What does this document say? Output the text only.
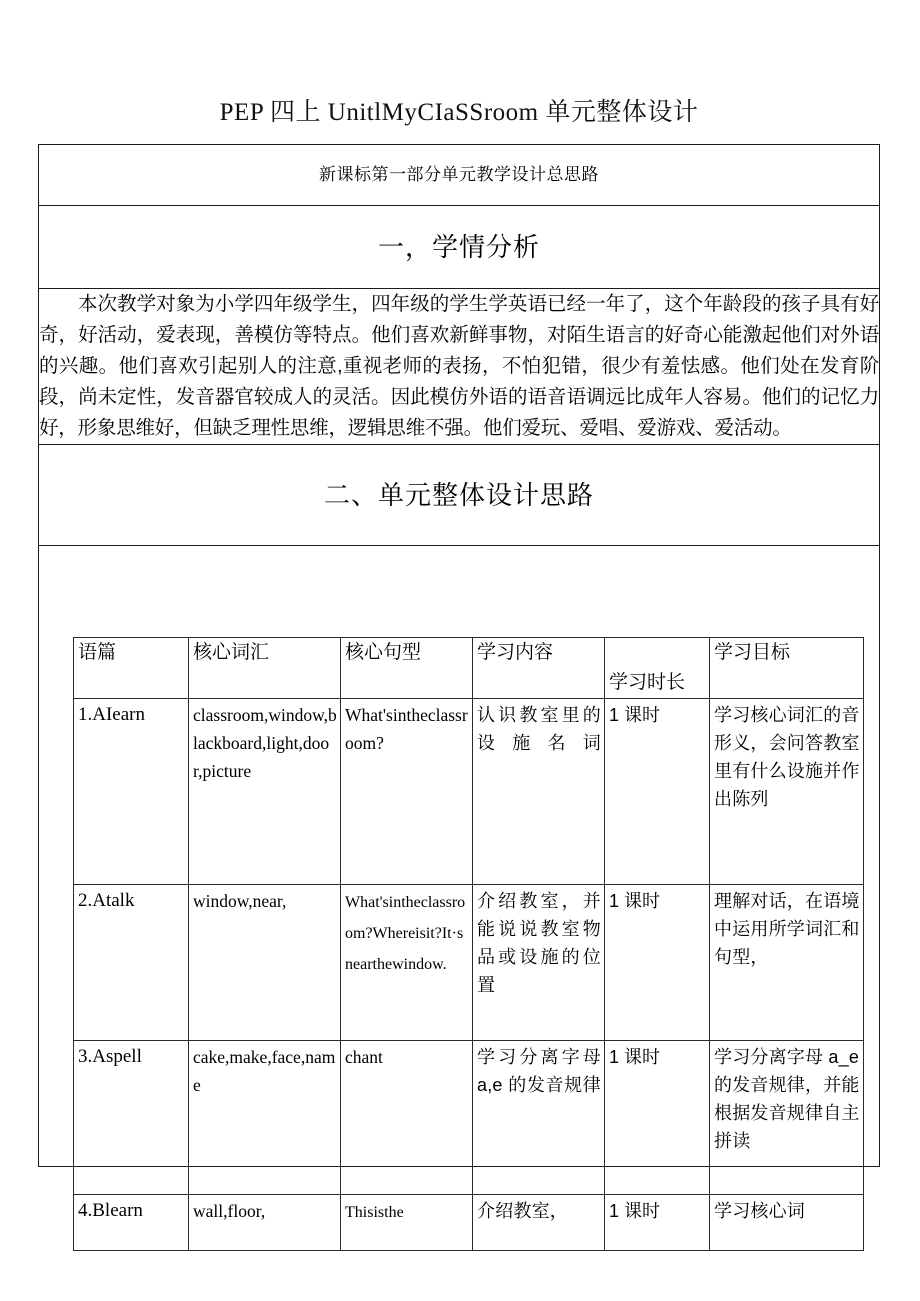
PEP 四上 UnitlMyCIaSSroom 单元整体设计
新课标第一部分单元教学设计总思路
一，学情分析

本次教学对象为小学四年级学生，四年级的学生学英语已经一年了，这个年龄段的孩子具有好奇，好活动，爱表现，善模仿等特点。他们喜欢新鲜事物，对陌生语言的好奇心能激起他们对外语的兴趣。他们喜欢引起别人的注意,重视老师的表扬，不怕犯错，很少有羞怯感。他们处在发育阶段，尚未定性，发音器官较成人的灵活。因此模仿外语的语音语调远比成年人容易。他们的记忆力好，形象思维好，但缺乏理性思维，逻辑思维不强。他们爱玩、爱唱、爱游戏、爱活动。

二、单元整体设计思路

语篇	核心词汇	核心句型	学习内容	学习时长	学习目标
1.AIearn	classroom,window,blackboard,light,door,picture	What'sintheclassroom?	认识教室里的设施名词	1 课时	学习核心词汇的音形义，会问答教室里有什么设施并作出陈列
2.Atalk	window,near,	What'sintheclassroom?Whereisit?It·snearthewindow.	介绍教室，并能说说教室物品或设施的位置	1 课时	理解对话，在语境中运用所学词汇和句型，
3.Aspell	cake,make,face,name	chant	学习分离字母 a,e 的发音规律	1 课时	学习分离字母 a_e 的发音规律，并能根据发音规律自主拼读
4.Blearn	wall,floor,	Thisisthe	介绍教室，	1 课时	学习核心词
